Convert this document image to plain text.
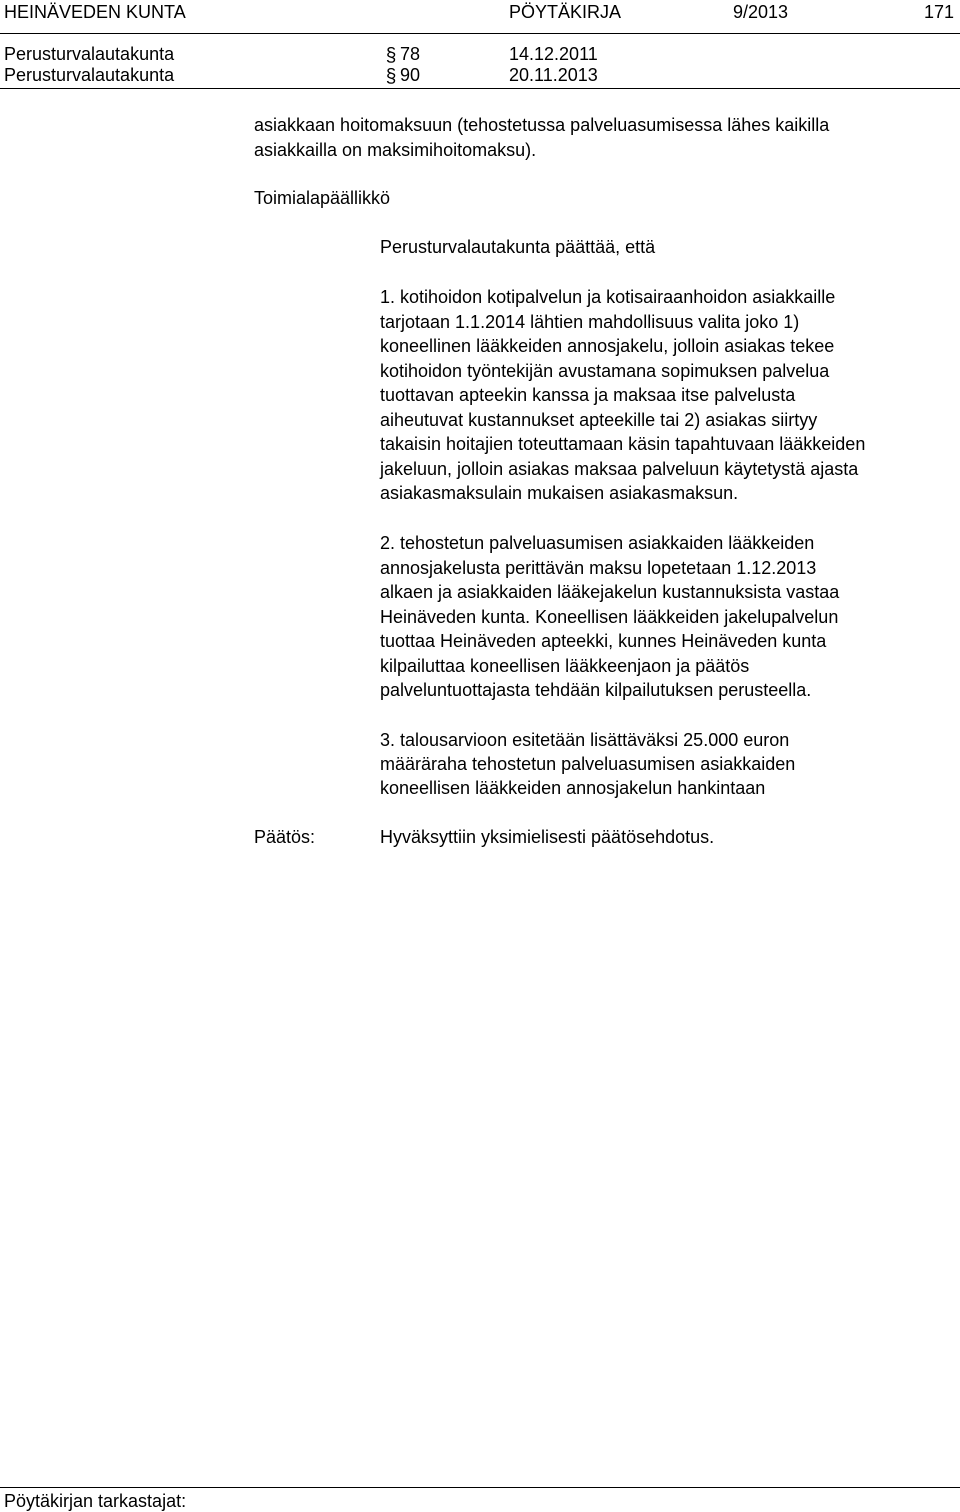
HEINÄVEDEN KUNTA	PÖYTÄKIRJA	9/2013	171
Perusturvalautakunta	§ 78	14.12.2011
Perusturvalautakunta	§ 90	20.11.2013
asiakkaan hoitomaksuun (tehostetussa palveluasumisessa lähes kaikilla
asiakkailla on maksimihoitomaksu).
Toimialapäällikkö
Perusturvalautakunta päättää, että
1. kotihoidon kotipalvelun ja kotisairaanhoidon asiakkaille
tarjotaan 1.1.2014 lähtien mahdollisuus valita joko 1)
koneellinen lääkkeiden annosjakelu, jolloin asiakas tekee
kotihoidon työntekijän avustamana sopimuksen palvelua
tuottavan apteekin kanssa ja maksaa itse palvelusta
aiheutuvat kustannukset apteekille tai 2) asiakas siirtyy
takaisin hoitajien toteuttamaan käsin tapahtuvaan lääkkeiden
jakeluun, jolloin asiakas maksaa palveluun käytetystä ajasta
asiakasmaksulain mukaisen asiakasmaksun.
2. tehostetun palveluasumisen asiakkaiden lääkkeiden
annosjakelusta perittävän maksu lopetetaan 1.12.2013
alkaen ja asiakkaiden lääkejakelun kustannuksista vastaa
Heinäveden kunta. Koneellisen lääkkeiden jakelupalvelun
tuottaa Heinäveden apteekki, kunnes Heinäveden kunta
kilpailuttaa koneellisen lääkkeenjaon ja päätös
palveluntuottajasta tehdään kilpailutuksen perusteella.
3. talousarvioon esitetään lisättäväksi 25.000 euron
määräraha tehostetun palveluasumisen asiakkaiden
koneellisen lääkkeiden annosjakelun hankintaan
Päätös:	Hyväksyttiin yksimielisesti päätösehdotus.
Pöytäkirjan tarkastajat:
